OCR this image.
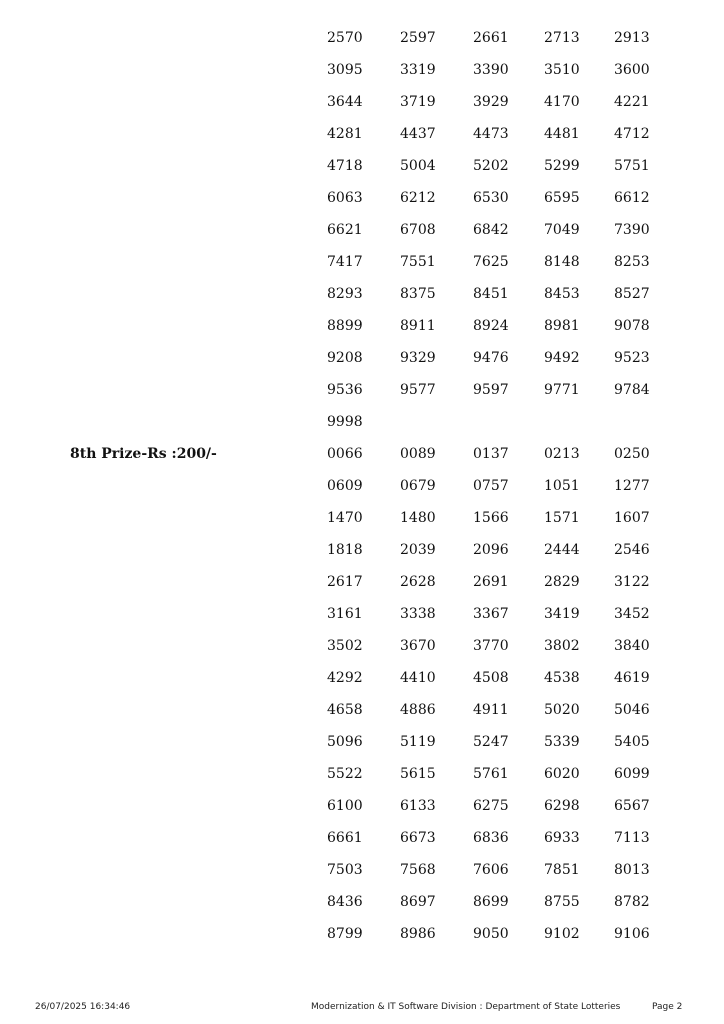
2570	2597	2661	2713 2913
3095	3319	3390	3510 3600
3644	3719	3929	4170 4221
4281	4437	4473	4481 4712
4718	5004	5202	5299 5751
6063	6212	6530	6595 6612
6621	6708	6842	7049 7390
7417	7551	7625	8148 8253
8293	8375	8451	8453 8527
8899	8911	8924	8981 9078
9208	9329	9476	9492 9523
9536	9577	9597	9771 9784
9998
8th Prize-Rs :200/-	0066	0089	0137	0213 0250
0609	0679	0757	1051 1277
1470	1480	1566	1571 1607
1818	2039	2096	2444 2546
2617	2628	2691	2829 3122
3161	3338	3367	3419 3452
3502	3670	3770	3802 3840
4292	4410	4508	4538 4619
4658	4886	4911	5020 5046
5096	5119	5247	5339 5405
5522	5615	5761	6020 6099
6100	6133	6275	6298 6567
6661	6673	6836	6933 7113
7503	7568	7606	7851 8013
8436	8697	8699	8755 8782
8799	8986	9050	9102 9106
26/07/2025 16:34:46	Modernization & IT Software Division : Department of State Lotteries	Page 2
